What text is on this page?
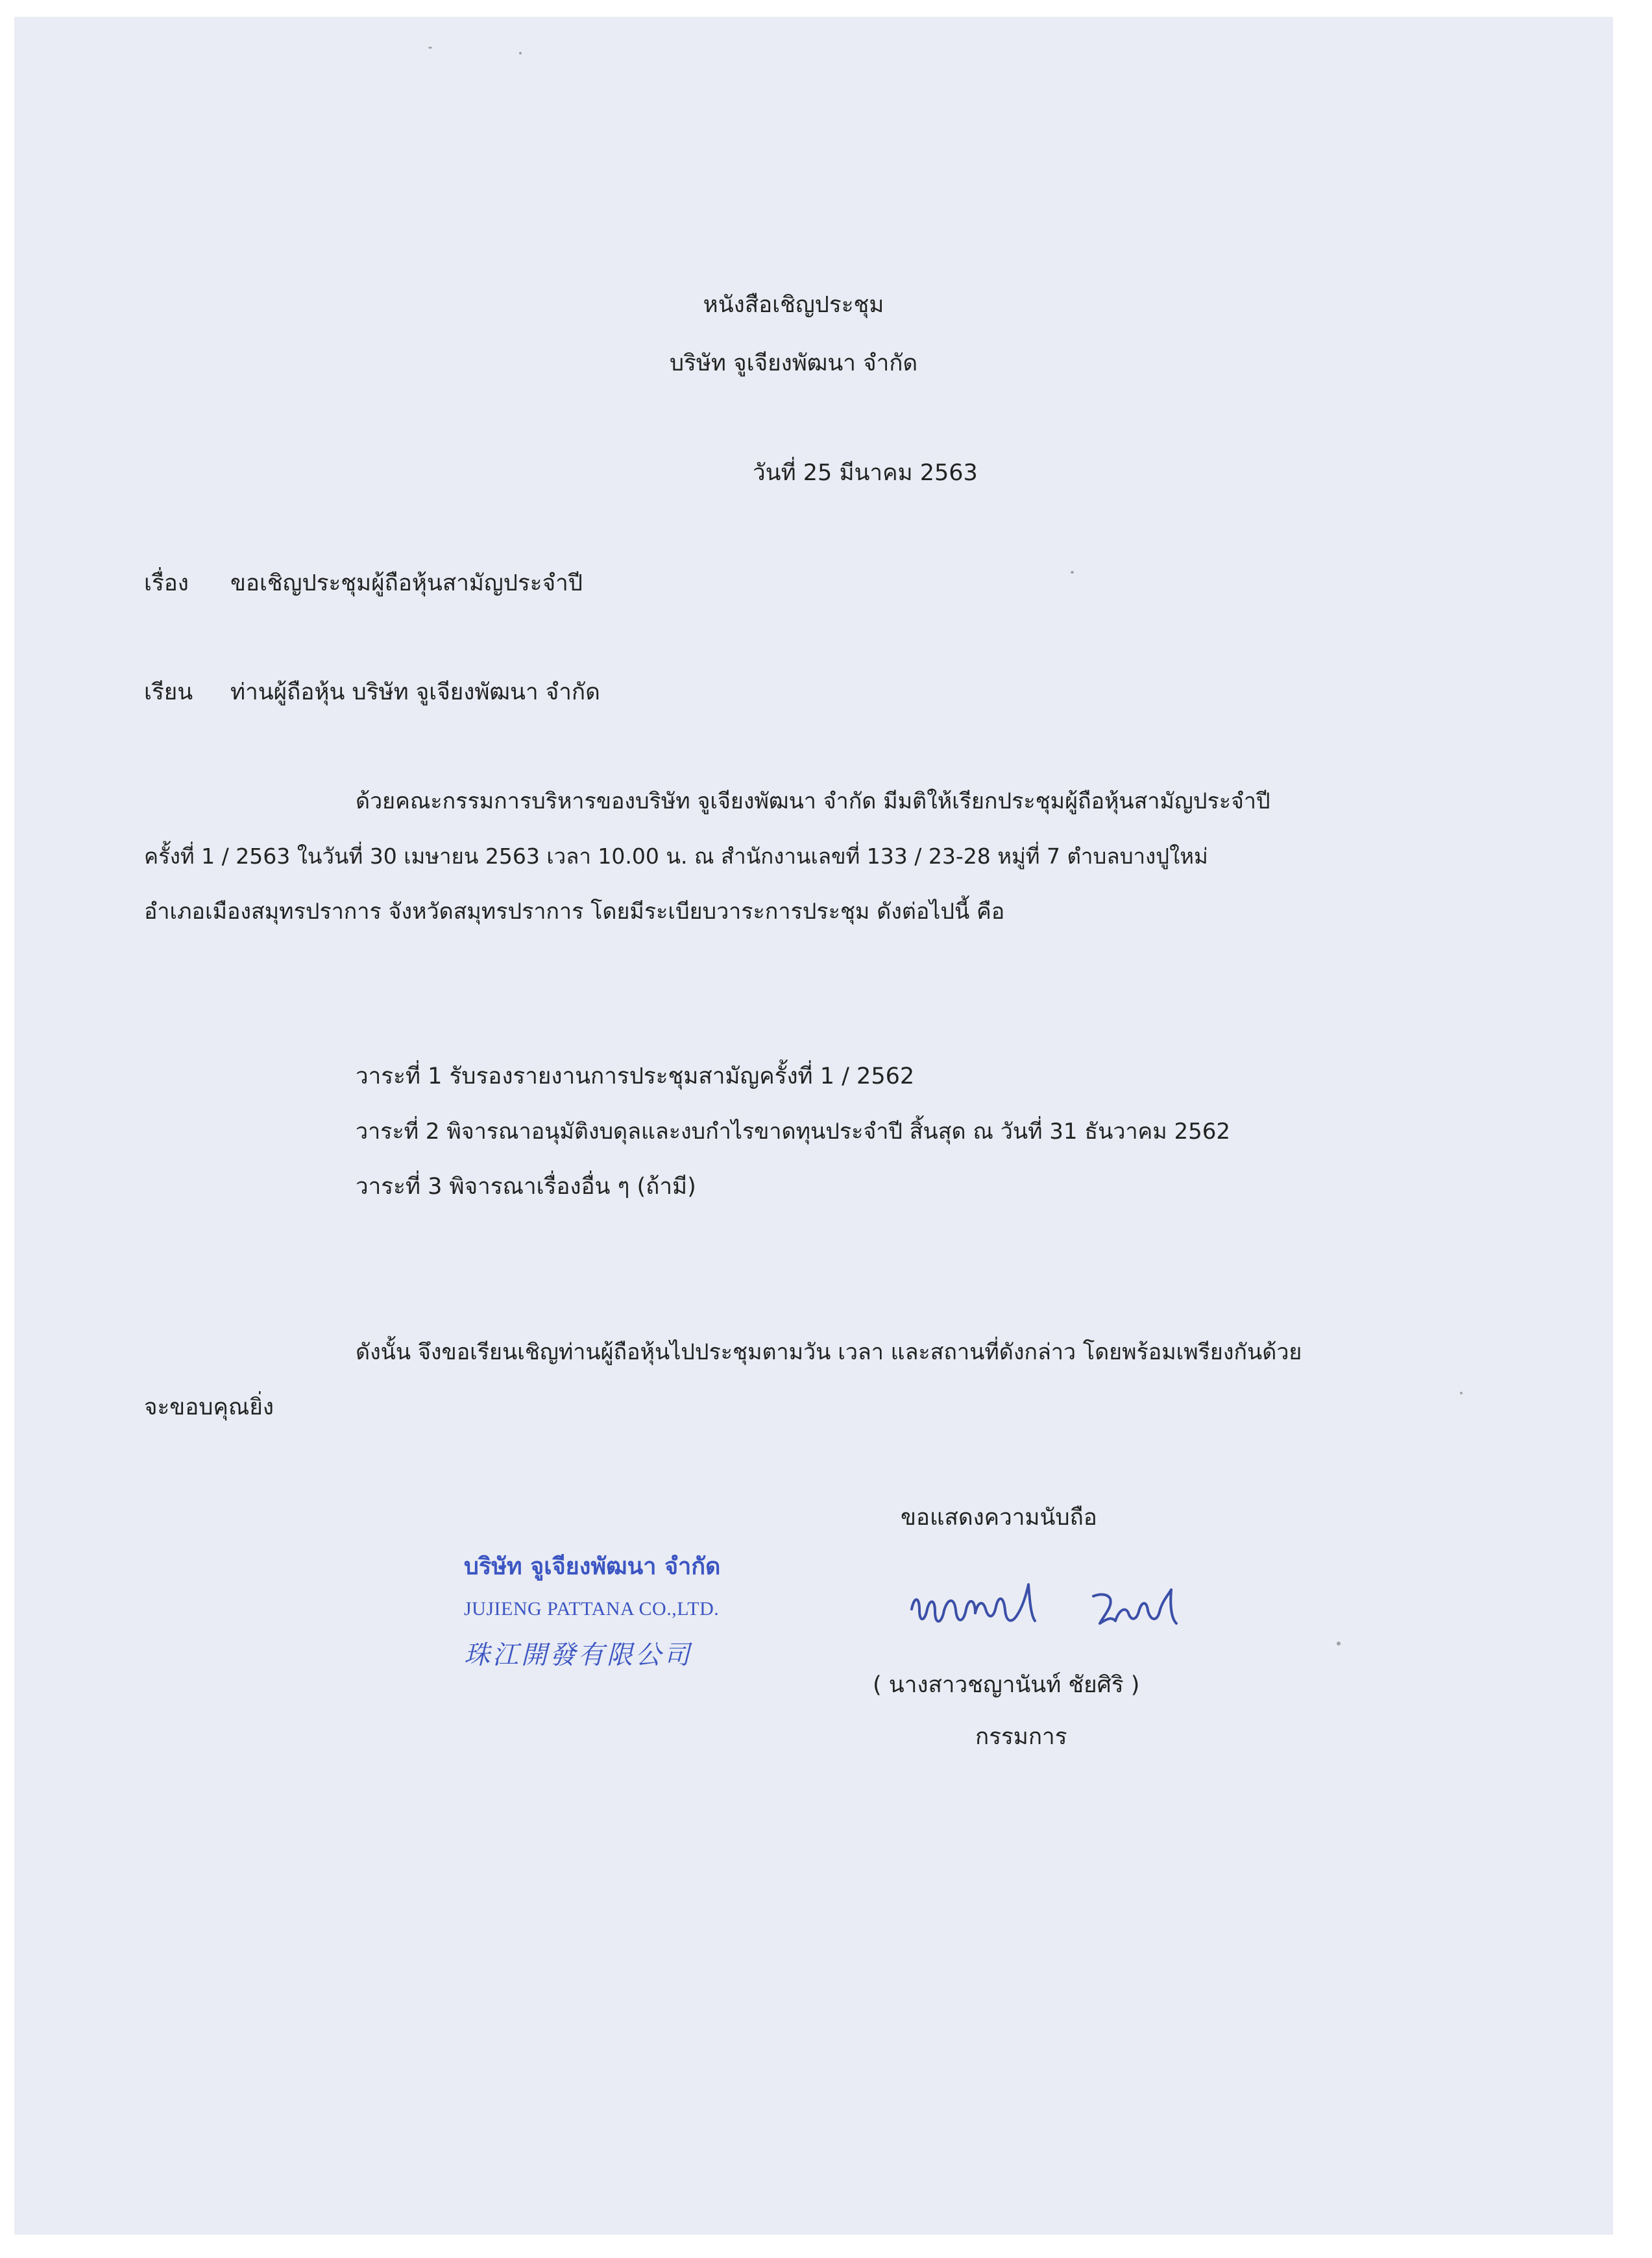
หนังสือเชิญประชุม
บริษัท จูเจียงพัฒนา จำกัด
วันที่ 25 มีนาคม 2563
เรื่อง ขอเชิญประชุมผู้ถือหุ้นสามัญประจำปี
เรียน ท่านผู้ถือหุ้น บริษัท จูเจียงพัฒนา จำกัด
ด้วยคณะกรรมการบริหารของบริษัท จูเจียงพัฒนา จำกัด มีมติให้เรียกประชุมผู้ถือหุ้นสามัญประจำปี
ครั้งที่ 1 / 2563 ในวันที่ 30 เมษายน 2563 เวลา 10.00 น. ณ สำนักงานเลขที่ 133 / 23-28 หมู่ที่ 7 ตำบลบางปูใหม่
อำเภอเมืองสมุทรปราการ จังหวัดสมุทรปราการ โดยมีระเบียบวาระการประชุม ดังต่อไปนี้ คือ
วาระที่ 1 รับรองรายงานการประชุมสามัญครั้งที่ 1 / 2562
วาระที่ 2 พิจารณาอนุมัติงบดุลและงบกำไรขาดทุนประจำปี สิ้นสุด ณ วันที่ 31 ธันวาคม 2562
วาระที่ 3 พิจารณาเรื่องอื่น ๆ (ถ้ามี)
ดังนั้น จึงขอเรียนเชิญท่านผู้ถือหุ้นไปประชุมตามวัน เวลา และสถานที่ดังกล่าว โดยพร้อมเพรียงกันด้วย
จะขอบคุณยิ่ง
ขอแสดงความนับถือ
บริษัท จูเจียงพัฒนา จำกัด
JUJIENG PATTANA CO.,LTD.
珠江開發有限公司
( นางสาวชญานันท์ ชัยศิริ )
กรรมการ
